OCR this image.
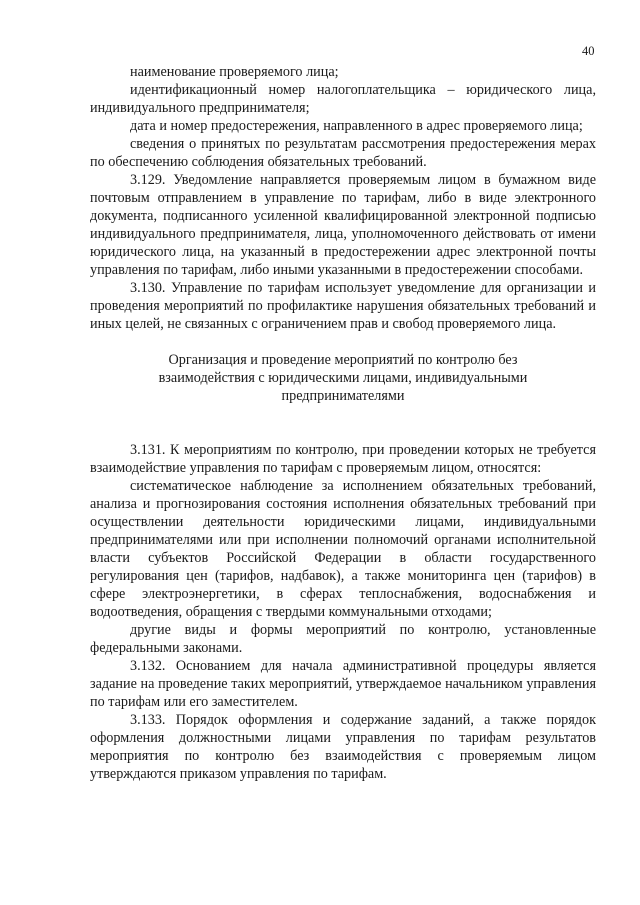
40

наименование проверяемого лица;

идентификационный номер налогоплательщика – юридического лица, индивидуального предпринимателя;

дата и номер предостережения, направленного в адрес проверяемого лица;

сведения о принятых по результатам рассмотрения предостережения мерах по обеспечению соблюдения обязательных требований.

3.129. Уведомление направляется проверяемым лицом в бумажном виде почтовым отправлением в управление по тарифам, либо в виде электронного документа, подписанного усиленной квалифицированной электронной подписью индивидуального предпринимателя, лица, уполномоченного действовать от имени юридического лица, на указанный в предостережении адрес электронной почты управления по тарифам, либо иными указанными в предостережении способами.

3.130. Управление по тарифам использует уведомление для организации и проведения мероприятий по профилактике нарушения обязательных требований и иных целей, не связанных с ограничением прав и свобод проверяемого лица.

Организация и проведение мероприятий по контролю без взаимодействия с юридическими лицами, индивидуальными предпринимателями

3.131. К мероприятиям по контролю, при проведении которых не требуется взаимодействие управления по тарифам с проверяемым лицом, относятся:

систематическое наблюдение за исполнением обязательных требований, анализа и прогнозирования состояния исполнения обязательных требований при осуществлении деятельности юридическими лицами, индивидуальными предпринимателями или при исполнении полномочий органами исполнительной власти субъектов Российской Федерации в области государственного регулирования цен (тарифов, надбавок), а также мониторинга цен (тарифов) в сфере электроэнергетики, в сферах теплоснабжения, водоснабжения и водоотведения, обращения с твердыми коммунальными отходами;

другие виды и формы мероприятий по контролю, установленные федеральными законами.

3.132. Основанием для начала административной процедуры является задание на проведение таких мероприятий, утверждаемое начальником управления по тарифам или его заместителем.

3.133. Порядок оформления и содержание заданий, а также порядок оформления должностными лицами управления по тарифам результатов мероприятия по контролю без взаимодействия с проверяемым лицом утверждаются приказом управления по тарифам.
